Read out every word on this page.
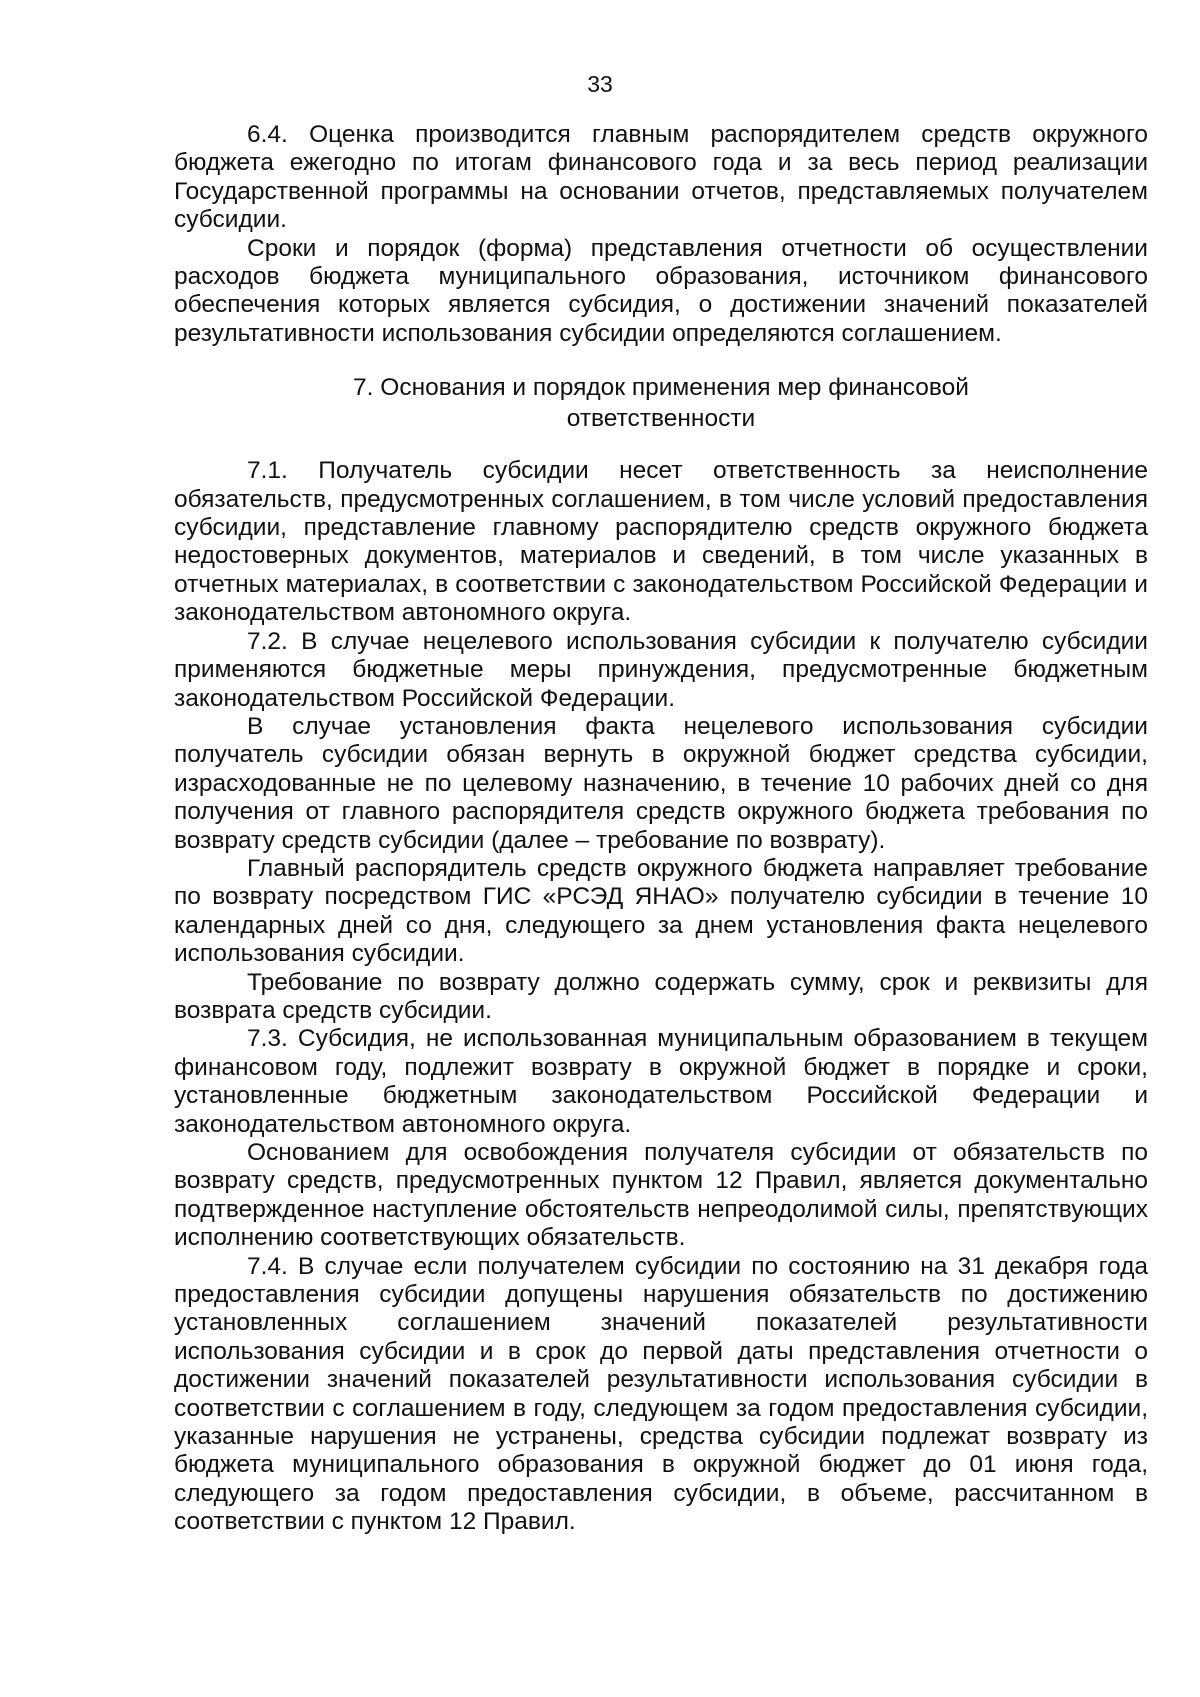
33

6.4. Оценка производится главным распорядителем средств окружного бюджета ежегодно по итогам финансового года и за весь период реализации Государственной программы на основании отчетов, представляемых получателем субсидии.

Сроки и порядок (форма) представления отчетности об осуществлении расходов бюджета муниципального образования, источником финансового обеспечения которых является субсидия, о достижении значений показателей результативности использования субсидии определяются соглашением.

7. Основания и порядок применения мер финансовой
ответственности

7.1. Получатель субсидии несет ответственность за неисполнение обязательств, предусмотренных соглашением, в том числе условий предоставления субсидии, представление главному распорядителю средств окружного бюджета недостоверных документов, материалов и сведений, в том числе указанных в отчетных материалах, в соответствии с законодательством Российской Федерации и законодательством автономного округа.

7.2. В случае нецелевого использования субсидии к получателю субсидии применяются бюджетные меры принуждения, предусмотренные бюджетным законодательством Российской Федерации.

В случае установления факта нецелевого использования субсидии получатель субсидии обязан вернуть в окружной бюджет средства субсидии, израсходованные не по целевому назначению, в течение 10 рабочих дней со дня получения от главного распорядителя средств окружного бюджета требования по возврату средств субсидии (далее – требование по возврату).

Главный распорядитель средств окружного бюджета направляет требование по возврату посредством ГИС «РСЭД ЯНАО» получателю субсидии в течение 10 календарных дней со дня, следующего за днем установления факта нецелевого использования субсидии.

Требование по возврату должно содержать сумму, срок и реквизиты для возврата средств субсидии.

7.3. Субсидия, не использованная муниципальным образованием в текущем финансовом году, подлежит возврату в окружной бюджет в порядке и сроки, установленные бюджетным законодательством Российской Федерации и законодательством автономного округа.

Основанием для освобождения получателя субсидии от обязательств по возврату средств, предусмотренных пунктом 12 Правил, является документально подтвержденное наступление обстоятельств непреодолимой силы, препятствующих исполнению соответствующих обязательств.

7.4. В случае если получателем субсидии по состоянию на 31 декабря года предоставления субсидии допущены нарушения обязательств по достижению установленных соглашением значений показателей результативности использования субсидии и в срок до первой даты представления отчетности о достижении значений показателей результативности использования субсидии в соответствии с соглашением в году, следующем за годом предоставления субсидии, указанные нарушения не устранены, средства субсидии подлежат возврату из бюджета муниципального образования в окружной бюджет до 01 июня года, следующего за годом предоставления субсидии, в объеме, рассчитанном в соответствии с пунктом 12 Правил.
